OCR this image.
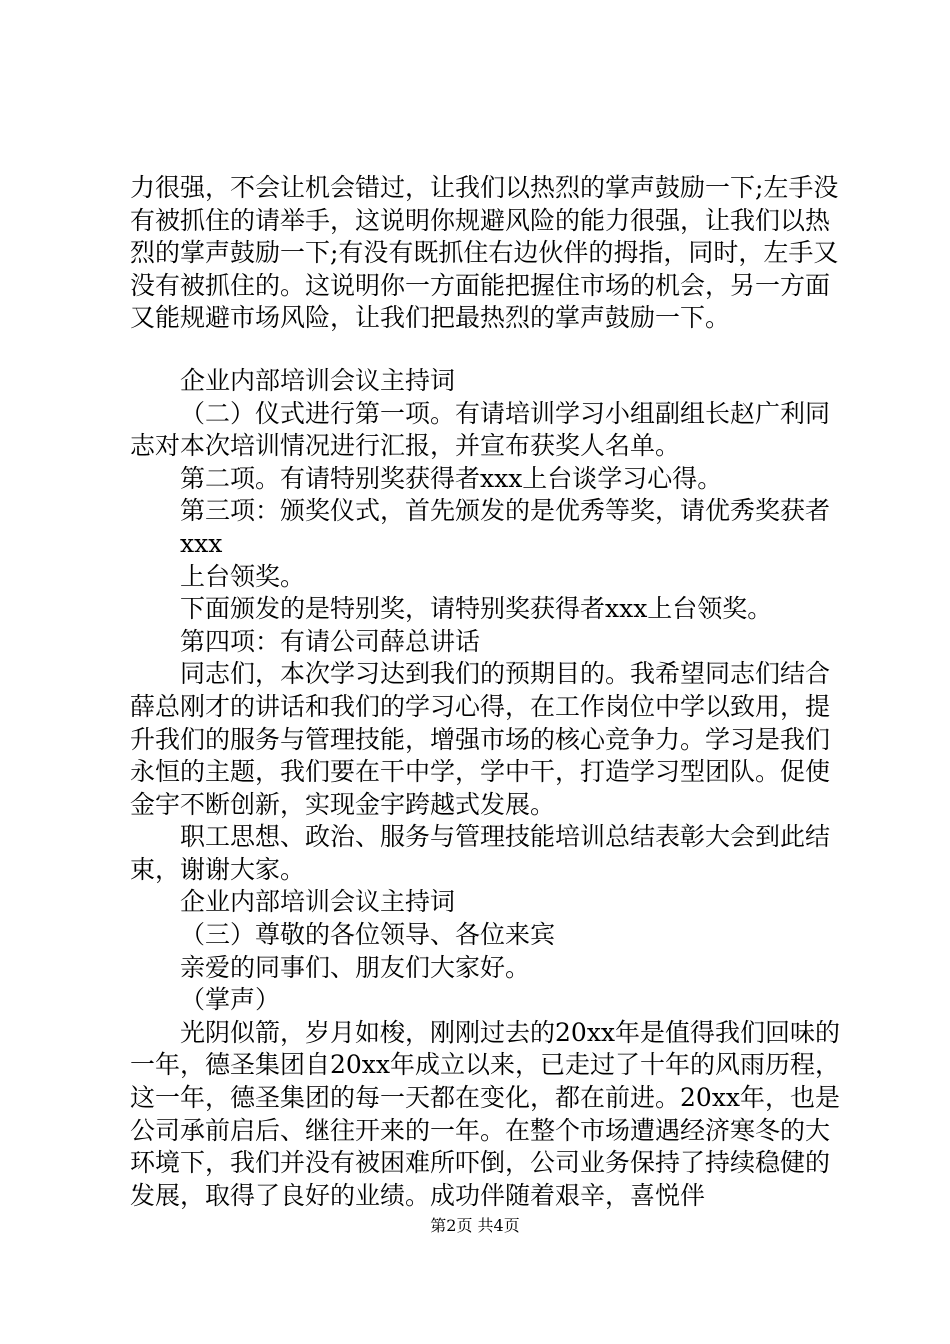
力很强，不会让机会错过，让我们以热烈的掌声鼓励一下;左手没有被抓住的请举手，这说明你规避风险的能力很强，让我们以热烈的掌声鼓励一下;有没有既抓住右边伙伴的拇指，同时，左手又没有被抓住的。这说明你一方面能把握住市场的机会，另一方面又能规避市场风险，让我们把最热烈的掌声鼓励一下。

企业内部培训会议主持词

（二）仪式进行第一项。有请培训学习小组副组长赵广利同志对本次培训情况进行汇报，并宣布获奖人名单。

第二项。有请特别奖获得者xxx上台谈学习心得。

第三项：颁奖仪式，首先颁发的是优秀等奖，请优秀奖获者

xxx

上台领奖。

下面颁发的是特别奖，请特别奖获得者xxx上台领奖。

第四项：有请公司薛总讲话

同志们，本次学习达到我们的预期目的。我希望同志们结合薛总刚才的讲话和我们的学习心得，在工作岗位中学以致用，提升我们的服务与管理技能，增强市场的核心竞争力。学习是我们永恒的主题，我们要在干中学，学中干，打造学习型团队。促使金宇不断创新，实现金宇跨越式发展。

职工思想、政治、服务与管理技能培训总结表彰大会到此结束，谢谢大家。

企业内部培训会议主持词

（三）尊敬的各位领导、各位来宾

亲爱的同事们、朋友们大家好。

（掌声）

光阴似箭，岁月如梭，刚刚过去的20xx年是值得我们回味的一年，德圣集团自20xx年成立以来，已走过了十年的风雨历程，这一年，德圣集团的每一天都在变化，都在前进。20xx年，也是公司承前启后、继往开来的一年。在整个市场遭遇经济寒冬的大环境下，我们并没有被困难所吓倒，公司业务保持了持续稳健的发展，取得了良好的业绩。成功伴随着艰辛，喜悦伴

第2页 共4页
